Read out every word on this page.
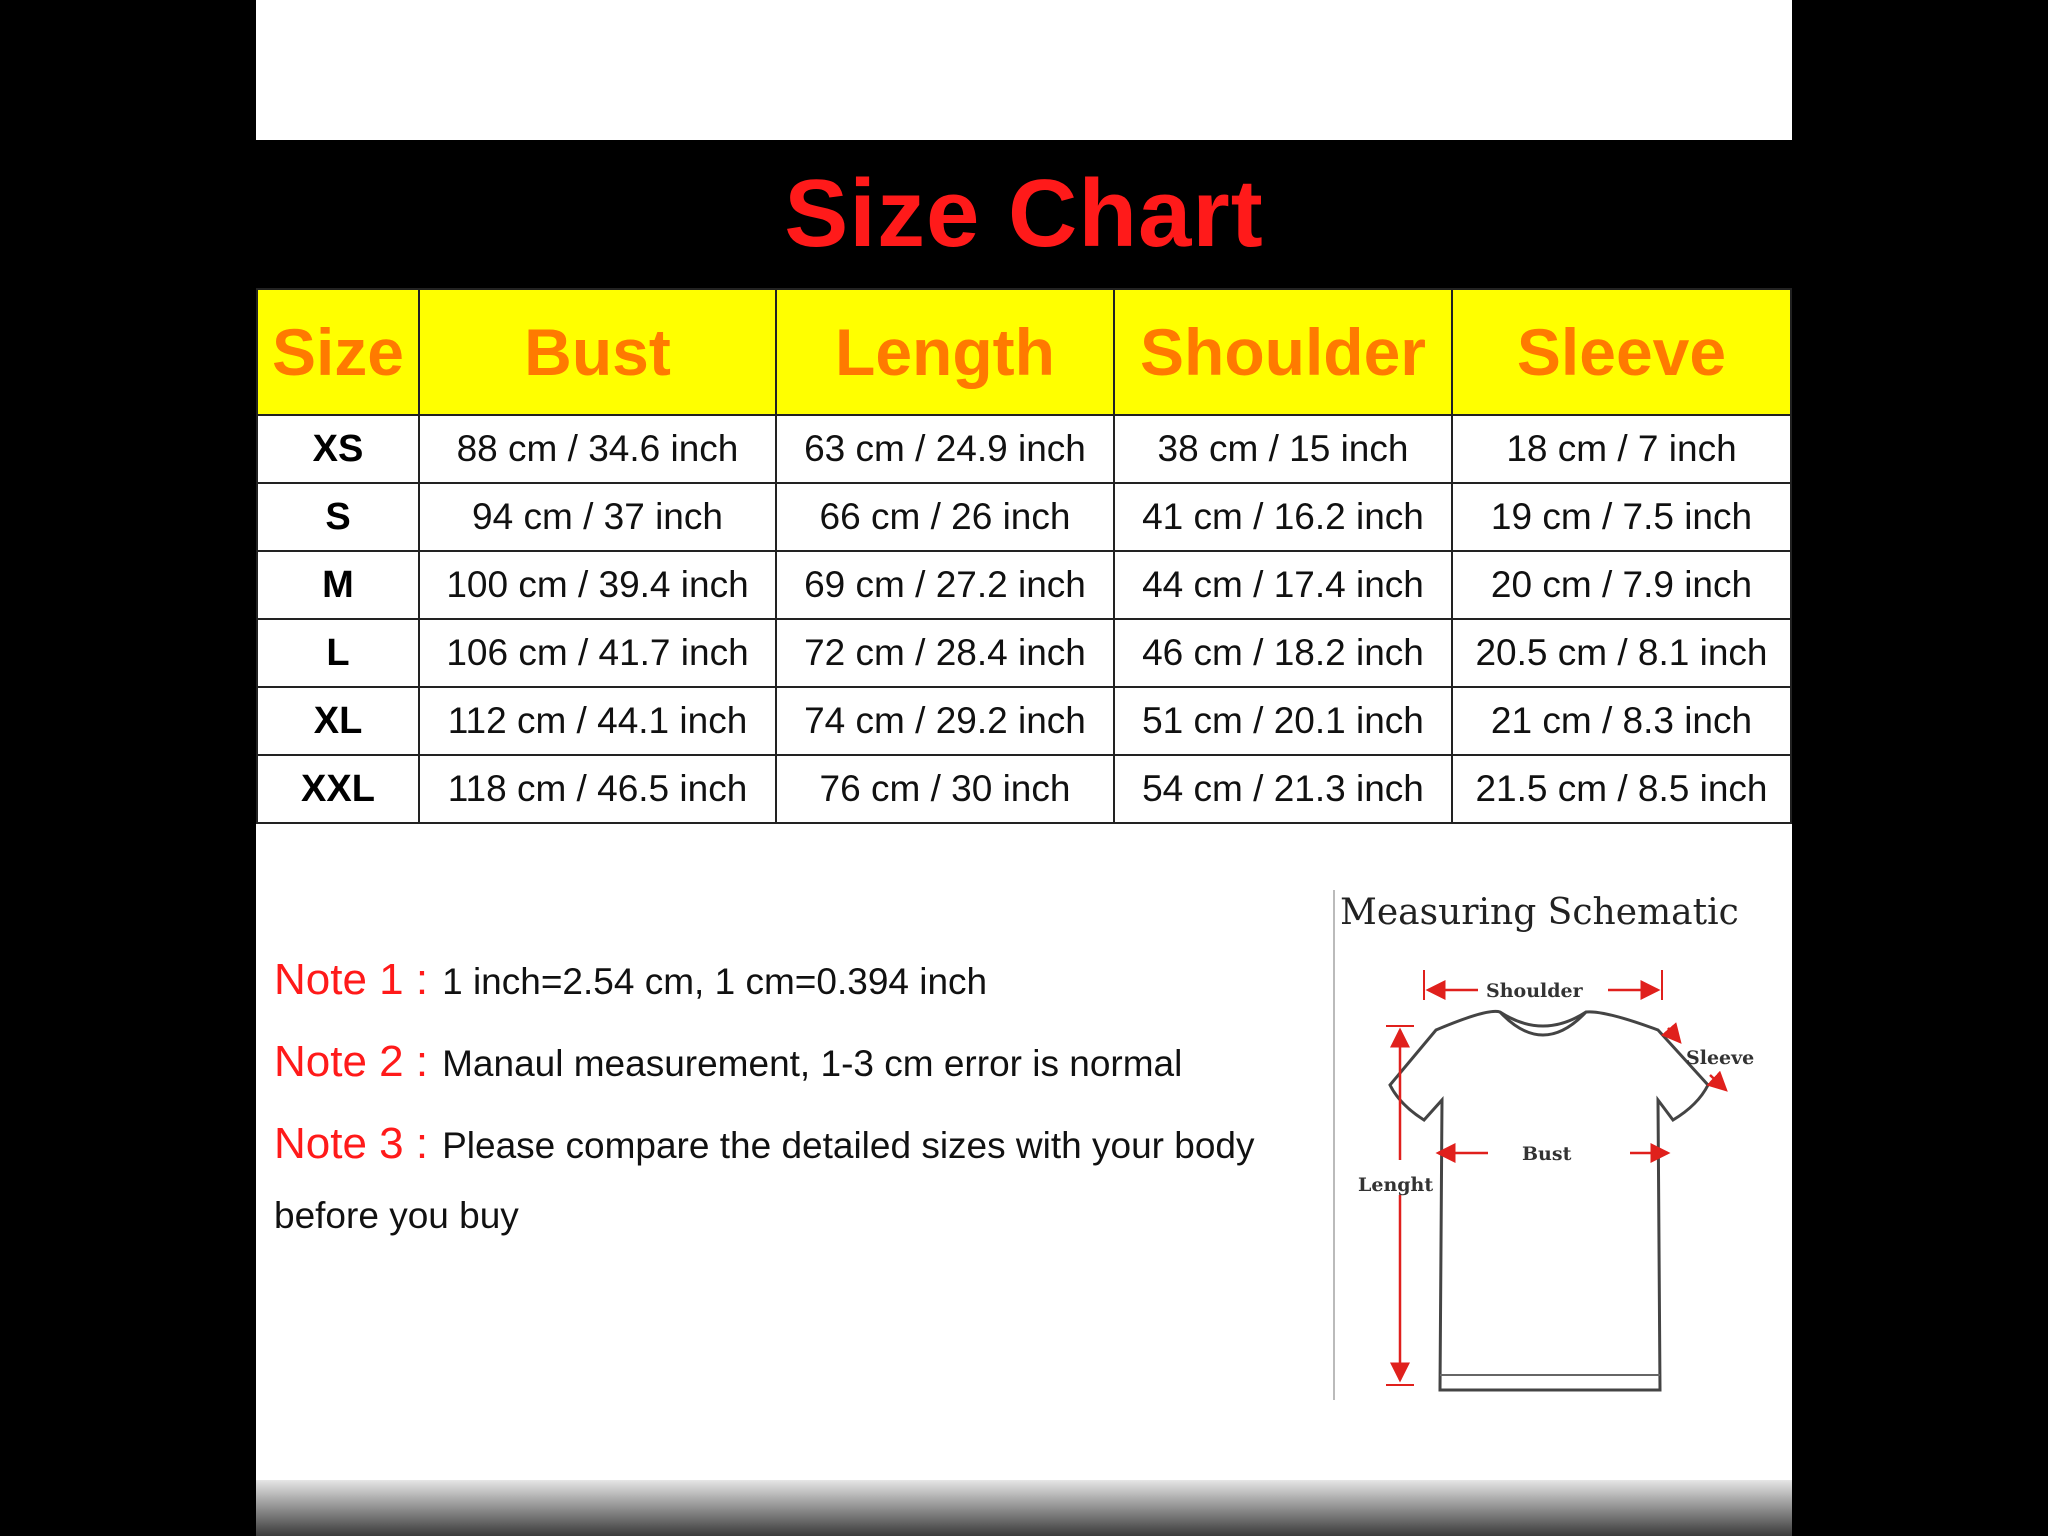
Size Chart
Size	Bust	Length	Shoulder	Sleeve
XS	88 cm / 34.6 inch	63 cm / 24.9 inch	38 cm / 15 inch	18 cm / 7 inch
S	94 cm / 37 inch	66 cm / 26 inch	41 cm / 16.2 inch	19 cm / 7.5 inch
M	100 cm / 39.4 inch	69 cm / 27.2 inch	44 cm / 17.4 inch	20 cm / 7.9 inch
L	106 cm / 41.7 inch	72 cm / 28.4 inch	46 cm / 18.2 inch	20.5 cm / 8.1 inch
XL	112 cm / 44.1 inch	74 cm / 29.2 inch	51 cm / 20.1 inch	21 cm / 8.3 inch
XXL	118 cm / 46.5 inch	76 cm / 30 inch	54 cm / 21.3 inch	21.5 cm / 8.5 inch
Note 1 : 1 inch=2.54 cm, 1 cm=0.394 inch
Note 2 : Manaul measurement, 1-3 cm error is normal
Note 3 : Please compare the detailed sizes with your body
before you buy
Shoulder
Sleeve
Bust
Lenght
Measuring Schematic
